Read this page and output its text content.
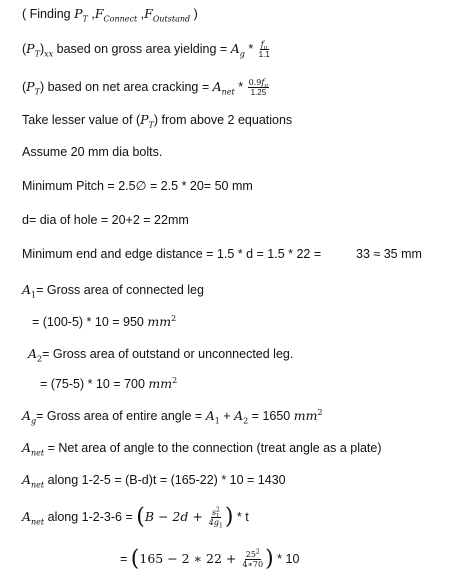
( Finding $P_T$ $,F_{Connect}$ $,F_{Outstand}$ )
$(P_T)_{xx}$ based on gross area yielding = $A_g * \frac{f_u}{1.1}$
$(P_T)$ based on net area cracking = $A_{net} * \frac{0.9f_u}{1.25}$
Take lesser value of $(P_T)$ from above 2 equations
Assume 20 mm dia bolts.
Minimum Pitch = 2.5∅ = 2.5 * 20= 50 mm
d= dia of hole = 20+2 = 22mm
Minimum end and edge distance = 1.5 * d = 1.5 * 22 =	33 ≈ 35 mm
$A_1=$ Gross area of connected leg
= (100-5) * 10 = 950 $mm^2$
$A_2=$ Gross area of outstand or unconnected leg.
= (75-5) * 10 = 700 $mm^2$
$A_g=$ Gross area of entire angle = $A_1 + A_2 = 1650$ $mm^2$
$A_{net}$ = Net area of angle to the connection (treat angle as a plate)
$A_{net}$ along 1-2-5 = (B-d)t = (165-22) * 10 = 1430
$A_{net}$ along $1-2-3-6 = (B - 2d + \frac{s^2_1}{4g_1}$ ) * t
= (165 − 2 ∗ $22 + \frac{25^2}{4∗70}$ ) * 10
